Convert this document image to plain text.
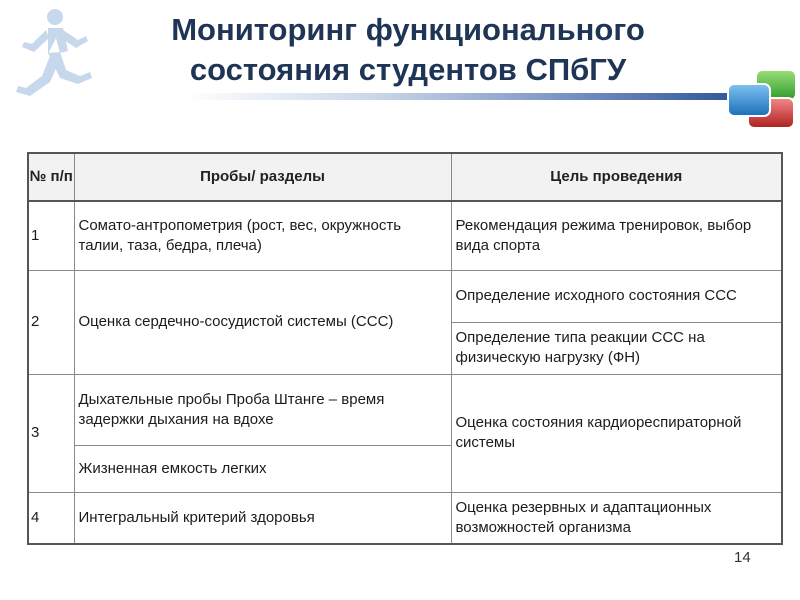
Мониторинг функционального
состояния студентов СПбГУ
№ п/п	Пробы/ разделы	Цель проведения
1	Сомато-антропометрия (рост, вес, окружность талии, таза, бедра, плеча)	Рекомендация режима тренировок, выбор вида спорта
2	Оценка сердечно-сосудистой системы (ССС)	Определение исходного состояния ССС
		Определение типа реакции ССС на физическую нагрузку (ФН)
3	Дыхательные пробы Проба Штанге – время задержки дыхания на вдохе	Оценка состояния кардиореспираторной системы
	Жизненная емкость легких	
4	Интегральный критерий здоровья	Оценка резервных и адаптационных возможностей организма
14
